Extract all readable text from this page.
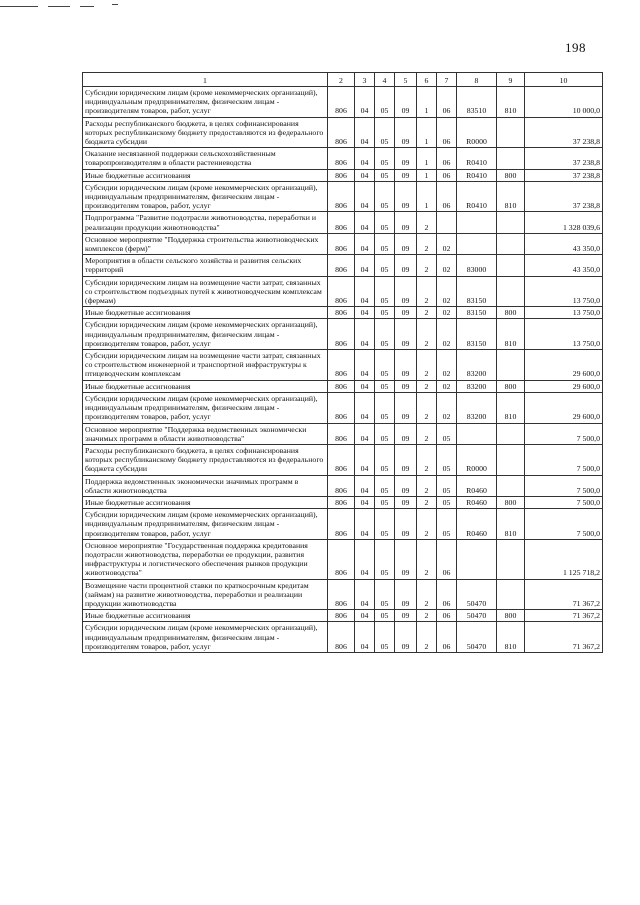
198
1	2	3	4	5	6	7	8	9	10
Субсидии юридическим лицам (кроме некоммерческих организаций), индивидуальным предпринимателям, физическим лицам - производителям товаров, работ, услуг	806	04	05	09	1	06	83510	810	10 000,0
Расходы республиканского бюджета, в целях софинансирования которых республиканскому бюджету предоставляются из федерального бюджета субсидии	806	04	05	09	1	06	R0000		37 238,8
Оказание несвязанной поддержки сельскохозяйственным товаропроизводителям в области растениеводства	806	04	05	09	1	06	R0410		37 238,8
Иные бюджетные ассигнования	806	04	05	09	1	06	R0410	800	37 238,8
Субсидии юридическим лицам (кроме некоммерческих организаций), индивидуальным предпринимателям, физическим лицам - производителям товаров, работ, услуг	806	04	05	09	1	06	R0410	810	37 238,8
Подпрограмма "Развитие подотрасли животноводства, переработки и реализации продукции животноводства"	806	04	05	09	2				1 328 039,6
Основное мероприятие "Поддержка строительства животноводческих комплексов (ферм)"	806	04	05	09	2	02			43 350,0
Мероприятия в области сельского хозяйства и развития сельских территорий	806	04	05	09	2	02	83000		43 350,0
Субсидии юридическим лицам на возмещение части затрат, связанных со строительством подъездных путей к животноводческим комплексам (фермам)	806	04	05	09	2	02	83150		13 750,0
Иные бюджетные ассигнования	806	04	05	09	2	02	83150	800	13 750,0
Субсидии юридическим лицам (кроме некоммерческих организаций), индивидуальным предпринимателям, физическим лицам - производителям товаров, работ, услуг	806	04	05	09	2	02	83150	810	13 750,0
Субсидии юридическим лицам на возмещение части затрат, связанных со строительством инженерной и транспортной инфраструктуры к птицеводческим комплексам	806	04	05	09	2	02	83200		29 600,0
Иные бюджетные ассигнования	806	04	05	09	2	02	83200	800	29 600,0
Субсидии юридическим лицам (кроме некоммерческих организаций), индивидуальным предпринимателям, физическим лицам - производителям товаров, работ, услуг	806	04	05	09	2	02	83200	810	29 600,0
Основное мероприятие "Поддержка ведомственных экономически значимых программ в области животноводства"	806	04	05	09	2	05			7 500,0
Расходы республиканского бюджета, в целях софинансирования которых республиканскому бюджету предоставляются из федерального бюджета субсидии	806	04	05	09	2	05	R0000		7 500,0
Поддержка ведомственных экономически значимых программ в области животноводства	806	04	05	09	2	05	R0460		7 500,0
Иные бюджетные ассигнования	806	04	05	09	2	05	R0460	800	7 500,0
Субсидии юридическим лицам (кроме некоммерческих организаций), индивидуальным предпринимателям, физическим лицам - производителям товаров, работ, услуг	806	04	05	09	2	05	R0460	810	7 500,0
Основное мероприятие "Государственная поддержка кредитования подотрасли животноводства, переработки ее продукции, развития инфраструктуры и логистического обеспечения рынков продукции животноводства"	806	04	05	09	2	06			1 125 718,2
Возмещение части процентной ставки по краткосрочным кредитам (займам) на развитие животноводства, переработки и реализации продукции животноводства	806	04	05	09	2	06	50470		71 367,2
Иные бюджетные ассигнования	806	04	05	09	2	06	50470	800	71 367,2
Субсидии юридическим лицам (кроме некоммерческих организаций), индивидуальным предпринимателям, физическим лицам - производителям товаров, работ, услуг	806	04	05	09	2	06	50470	810	71 367,2
